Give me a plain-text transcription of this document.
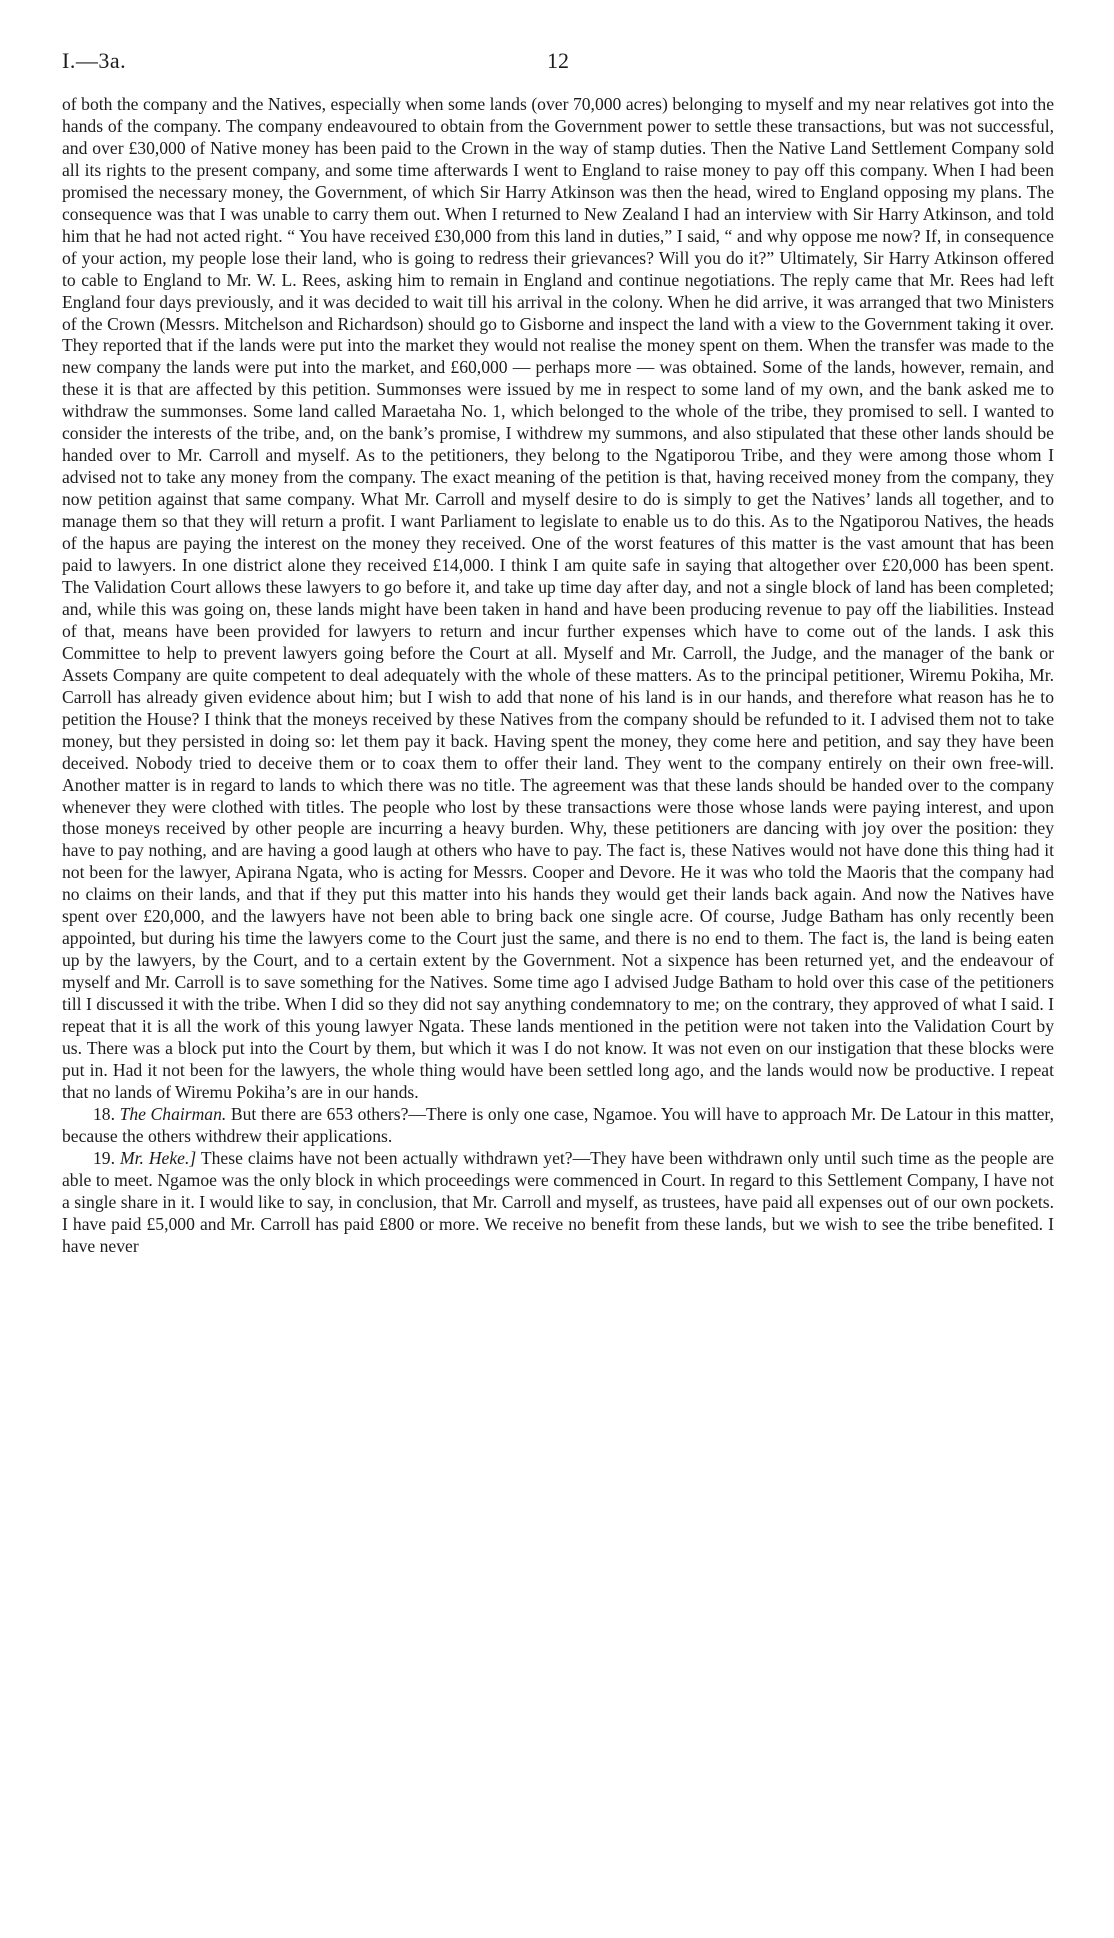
I.—3a.	12

of both the company and the Natives, especially when some lands (over 70,000 acres) belonging to myself and my near relatives got into the hands of the company. The company endeavoured to obtain from the Government power to settle these transactions, but was not successful, and over £30,000 of Native money has been paid to the Crown in the way of stamp duties. Then the Native Land Settlement Company sold all its rights to the present company, and some time afterwards I went to England to raise money to pay off this company. When I had been promised the necessary money, the Government, of which Sir Harry Atkinson was then the head, wired to England opposing my plans. The consequence was that I was unable to carry them out. When I returned to New Zealand I had an interview with Sir Harry Atkinson, and told him that he had not acted right. “ You have received £30,000 from this land in duties,” I said, “ and why oppose me now? If, in consequence of your action, my people lose their land, who is going to redress their grievances? Will you do it?” Ultimately, Sir Harry Atkinson offered to cable to England to Mr. W. L. Rees, asking him to remain in England and continue negotiations. The reply came that Mr. Rees had left England four days previously, and it was decided to wait till his arrival in the colony. When he did arrive, it was arranged that two Ministers of the Crown (Messrs. Mitchelson and Richardson) should go to Gisborne and inspect the land with a view to the Government taking it over. They reported that if the lands were put into the market they would not realise the money spent on them. When the transfer was made to the new company the lands were put into the market, and £60,000 — perhaps more — was obtained. Some of the lands, however, remain, and these it is that are affected by this petition. Summonses were issued by me in respect to some land of my own, and the bank asked me to withdraw the summonses. Some land called Maraetaha No. 1, which belonged to the whole of the tribe, they promised to sell. I wanted to consider the interests of the tribe, and, on the bank’s promise, I withdrew my summons, and also stipulated that these other lands should be handed over to Mr. Carroll and myself. As to the petitioners, they belong to the Ngatiporou Tribe, and they were among those whom I advised not to take any money from the company. The exact meaning of the petition is that, having received money from the company, they now petition against that same company. What Mr. Carroll and myself desire to do is simply to get the Natives’ lands all together, and to manage them so that they will return a profit. I want Parliament to legislate to enable us to do this. As to the Ngatiporou Natives, the heads of the hapus are paying the interest on the money they received. One of the worst features of this matter is the vast amount that has been paid to lawyers. In one district alone they received £14,000. I think I am quite safe in saying that altogether over £20,000 has been spent. The Validation Court allows these lawyers to go before it, and take up time day after day, and not a single block of land has been completed; and, while this was going on, these lands might have been taken in hand and have been producing revenue to pay off the liabilities. Instead of that, means have been provided for lawyers to return and incur further expenses which have to come out of the lands. I ask this Committee to help to prevent lawyers going before the Court at all. Myself and Mr. Carroll, the Judge, and the manager of the bank or Assets Company are quite competent to deal adequately with the whole of these matters. As to the principal petitioner, Wiremu Pokiha, Mr. Carroll has already given evidence about him; but I wish to add that none of his land is in our hands, and therefore what reason has he to petition the House? I think that the moneys received by these Natives from the company should be refunded to it. I advised them not to take money, but they persisted in doing so: let them pay it back. Having spent the money, they come here and petition, and say they have been deceived. Nobody tried to deceive them or to coax them to offer their land. They went to the company entirely on their own free-will. Another matter is in regard to lands to which there was no title. The agreement was that these lands should be handed over to the company whenever they were clothed with titles. The people who lost by these transactions were those whose lands were paying interest, and upon those moneys received by other people are incurring a heavy burden. Why, these petitioners are dancing with joy over the position: they have to pay nothing, and are having a good laugh at others who have to pay. The fact is, these Natives would not have done this thing had it not been for the lawyer, Apirana Ngata, who is acting for Messrs. Cooper and Devore. He it was who told the Maoris that the company had no claims on their lands, and that if they put this matter into his hands they would get their lands back again. And now the Natives have spent over £20,000, and the lawyers have not been able to bring back one single acre. Of course, Judge Batham has only recently been appointed, but during his time the lawyers come to the Court just the same, and there is no end to them. The fact is, the land is being eaten up by the lawyers, by the Court, and to a certain extent by the Government. Not a sixpence has been returned yet, and the endeavour of myself and Mr. Carroll is to save something for the Natives. Some time ago I advised Judge Batham to hold over this case of the petitioners till I discussed it with the tribe. When I did so they did not say anything condemnatory to me; on the contrary, they approved of what I said. I repeat that it is all the work of this young lawyer Ngata. These lands mentioned in the petition were not taken into the Validation Court by us. There was a block put into the Court by them, but which it was I do not know. It was not even on our instigation that these blocks were put in. Had it not been for the lawyers, the whole thing would have been settled long ago, and the lands would now be productive. I repeat that no lands of Wiremu Pokiha’s are in our hands.

18. The Chairman. But there are 653 others?—There is only one case, Ngamoe. You will have to approach Mr. De Latour in this matter, because the others withdrew their applications.

19. Mr. Heke.] These claims have not been actually withdrawn yet?—They have been withdrawn only until such time as the people are able to meet. Ngamoe was the only block in which proceedings were commenced in Court. In regard to this Settlement Company, I have not a single share in it. I would like to say, in conclusion, that Mr. Carroll and myself, as trustees, have paid all expenses out of our own pockets. I have paid £5,000 and Mr. Carroll has paid £800 or more. We receive no benefit from these lands, but we wish to see the tribe benefited. I have never
